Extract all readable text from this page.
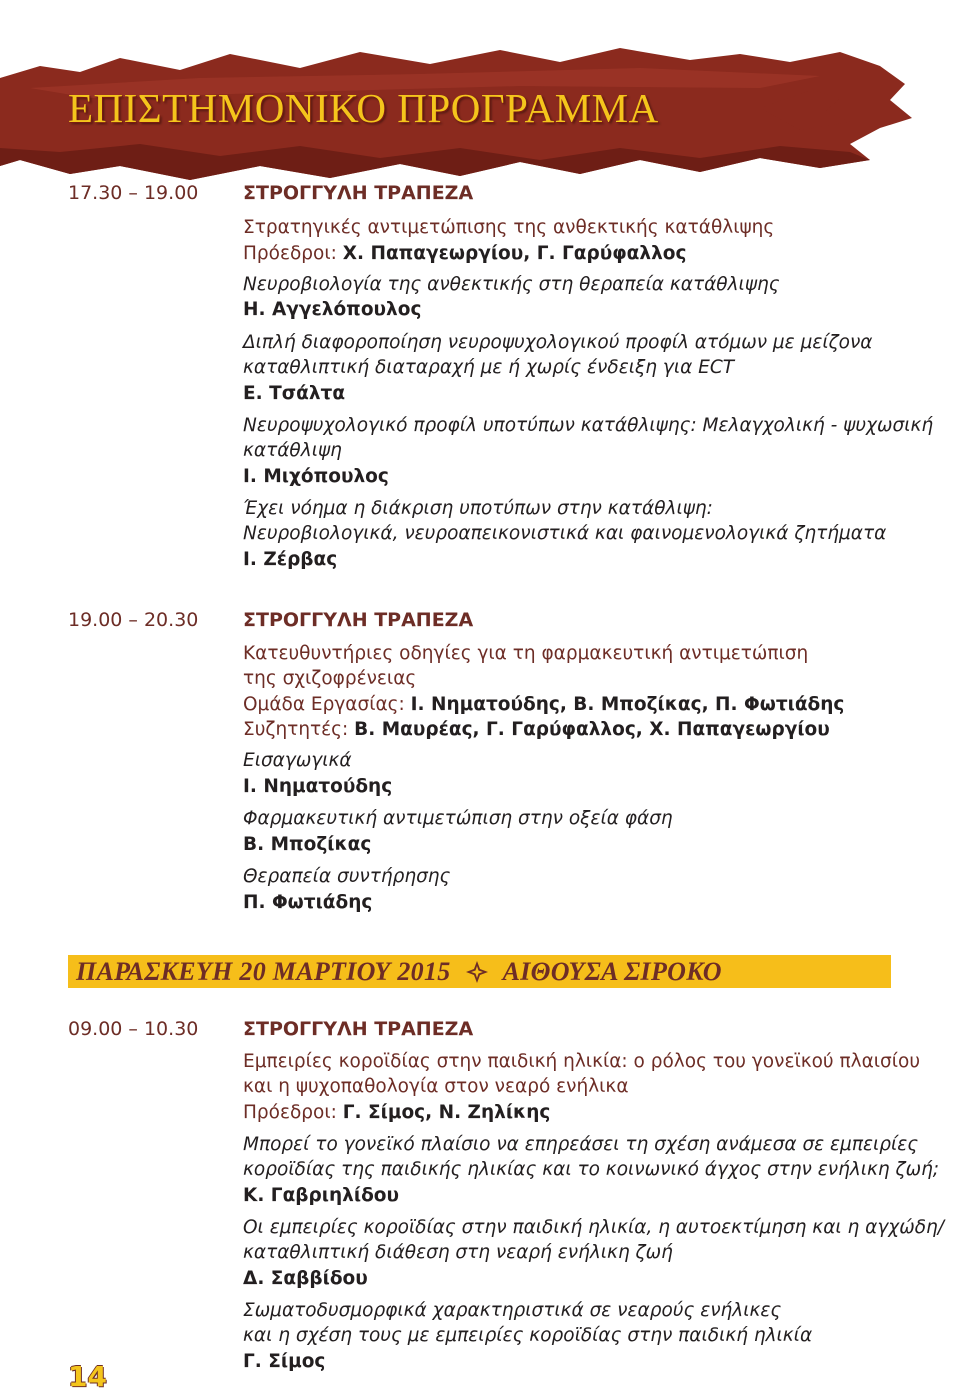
ΕΠΙΣΤΗΜΟΝΙΚΟ ΠΡΟΓΡΑΜΜΑ
17.30 – 19.00 ΣΤΡΟΓΓΥΛΗ ΤΡΑΠΕΖΑ
Στρατηγικές αντιμετώπισης της ανθεκτικής κατάθλιψης
Πρόεδροι: Χ. Παπαγεωργίου, Γ. Γαρύφαλλος
Νευροβιολογία της ανθεκτικής στη θεραπεία κατάθλιψης
Η. Αγγελόπουλος
Διπλή διαφοροποίηση νευροψυχολογικού προφίλ ατόμων με μείζονα
καταθλιπτική διαταραχή με ή χωρίς ένδειξη για ECT
Ε. Τσάλτα
Νευροψυχολογικό προφίλ υποτύπων κατάθλιψης: Μελαγχολική - ψυχωσική
κατάθλιψη
Ι. Μιχόπουλος
Έχει νόημα η διάκριση υποτύπων στην κατάθλιψη:
Νευροβιολογικά, νευροαπεικονιστικά και φαινομενολογικά ζητήματα
Ι. Ζέρβας
19.00 – 20.30 ΣΤΡΟΓΓΥΛΗ ΤΡΑΠΕΖΑ
Κατευθυντήριες οδηγίες για τη φαρμακευτική αντιμετώπιση
της σχιζοφρένειας
Ομάδα Εργασίας: Ι. Νηματούδης, Β. Μποζίκας, Π. Φωτιάδης
Συζητητές: Β. Μαυρέας, Γ. Γαρύφαλλος, Χ. Παπαγεωργίου
Εισαγωγικά
Ι. Νηματούδης
Φαρμακευτική αντιμετώπιση στην οξεία φάση
Β. Μποζίκας
Θεραπεία συντήρησης
Π. Φωτιάδης
ΠΑΡΑΣΚΕΥΗ 20 ΜΑΡΤΙΟΥ 2015 ΑΙΘΟΥΣΑ ΣΙΡΟΚΟ
09.00 – 10.30 ΣΤΡΟΓΓΥΛΗ ΤΡΑΠΕΖΑ
Εμπειρίες κοροϊδίας στην παιδική ηλικία: ο ρόλος του γονεϊκού πλαισίου
και η ψυχοπαθολογία στον νεαρό ενήλικα
Πρόεδροι: Γ. Σίμος, Ν. Ζηλίκης
Μπορεί το γονεϊκό πλαίσιο να επηρεάσει τη σχέση ανάμεσα σε εμπειρίες
κοροϊδίας της παιδικής ηλικίας και το κοινωνικό άγχος στην ενήλικη ζωή;
Κ. Γαβριηλίδου
Οι εμπειρίες κοροϊδίας στην παιδική ηλικία, η αυτοεκτίμηση και η αγχώδη/
καταθλιπτική διάθεση στη νεαρή ενήλικη ζωή
Δ. Σαββίδου
Σωματοδυσμορφικά χαρακτηριστικά σε νεαρούς ενήλικες
και η σχέση τους με εμπειρίες κοροϊδίας στην παιδική ηλικία
Γ. Σίμος
14
